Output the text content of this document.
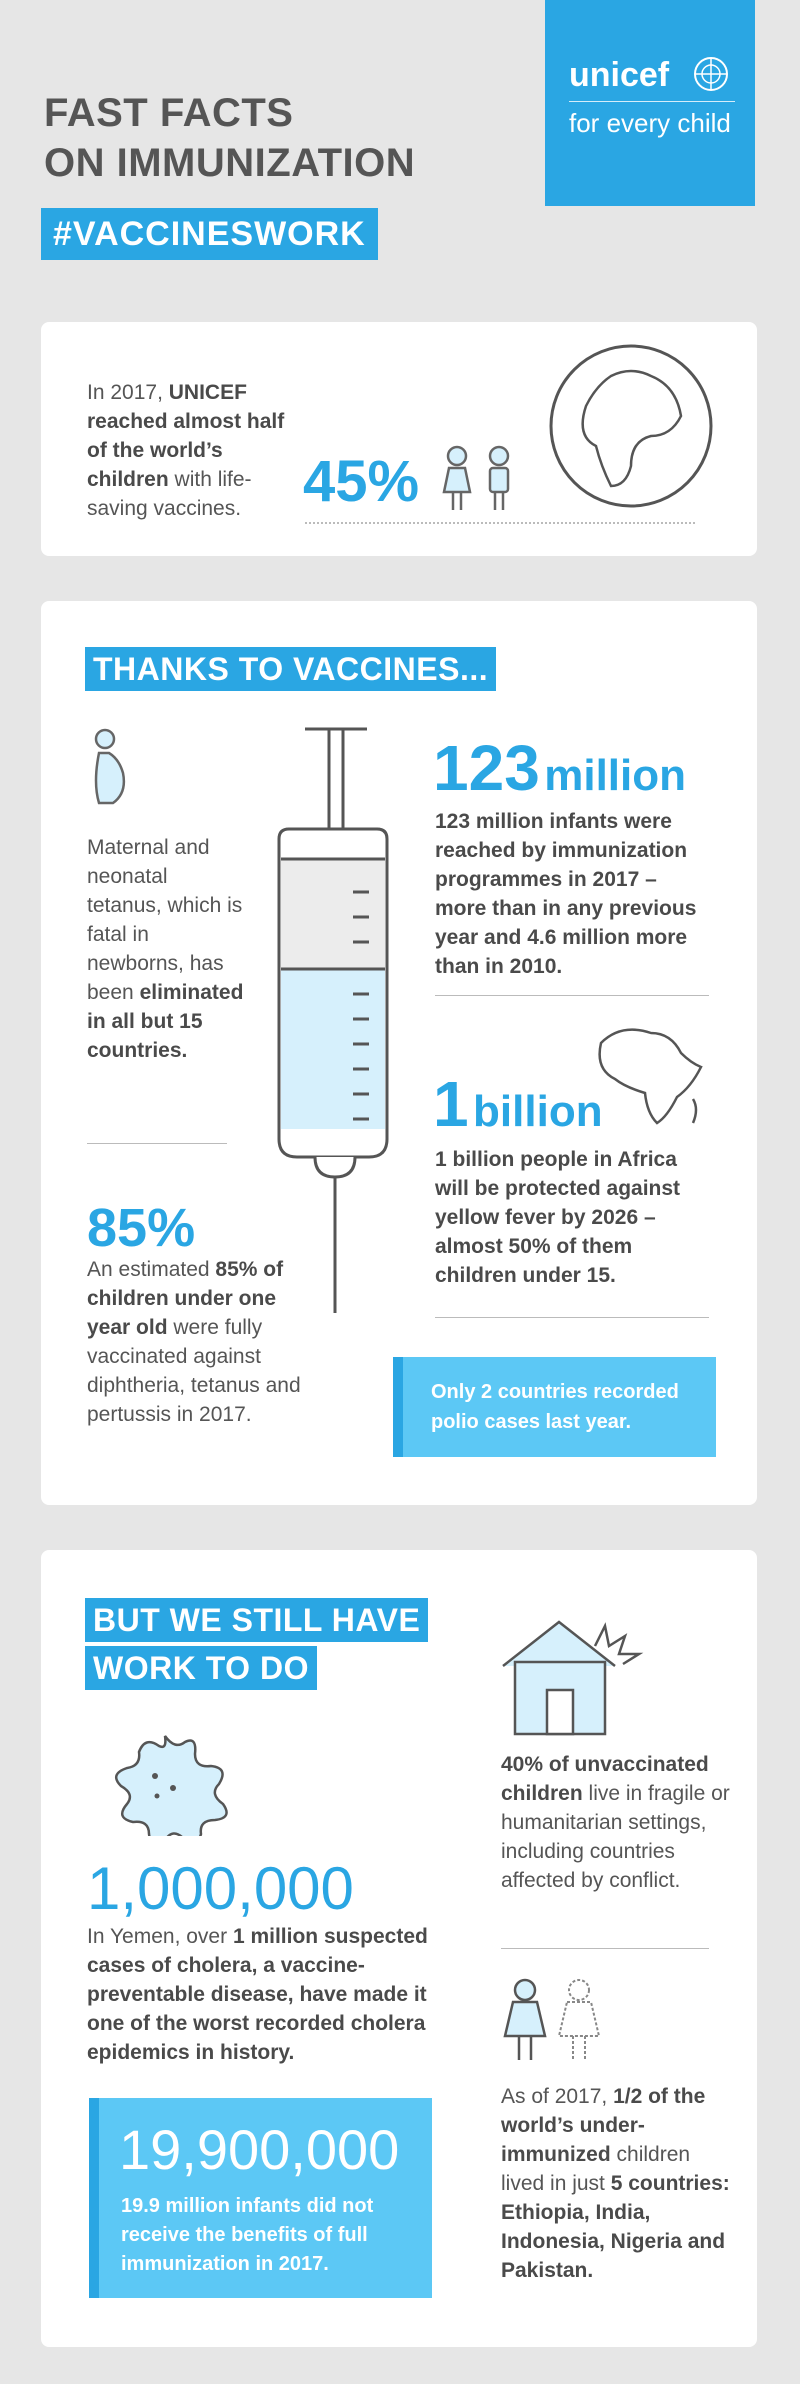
FAST FACTS
ON IMMUNIZATION
#VACCINESWORK
unicef
for every child
In 2017, UNICEF reached almost half of the world’s children with life-saving vaccines.	45%
THANKS TO VACCINES...
Maternal and neonatal tetanus, which is fatal in newborns, has been eliminated in all but 15 countries.
85%
An estimated 85% of children under one year old were fully vaccinated against diphtheria, tetanus and pertussis in 2017.
123 million
123 million infants were reached by immunization programmes in 2017 – more than in any previous year and 4.6 million more than in 2010.
1 billion
1 billion people in Africa will be protected against yellow fever by 2026 – almost 50% of them children under 15.
Only 2 countries recorded polio cases last year.
BUT WE STILL HAVE
WORK TO DO
1,000,000
In Yemen, over 1 million suspected cases of cholera, a vaccine-preventable disease, have made it one of the worst recorded cholera epidemics in history.
19,900,000
19.9 million infants did not receive the benefits of full immunization in 2017.
40% of unvaccinated children live in fragile or humanitarian settings, including countries affected by conflict.
As of 2017, 1/2 of the world’s under-immunized children lived in just 5 countries: Ethiopia, India, Indonesia, Nigeria and Pakistan.
